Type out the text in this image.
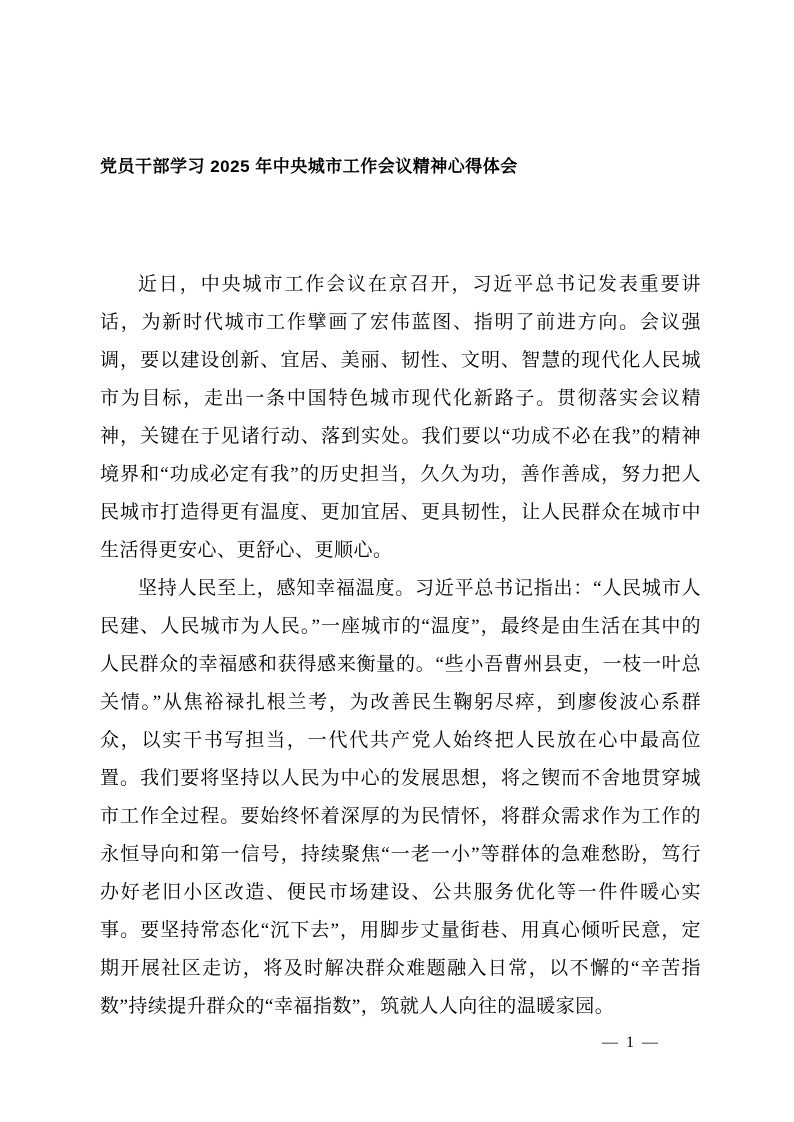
党员干部学习 2025 年中央城市工作会议精神心得体会

近日，中央城市工作会议在京召开，习近平总书记发表重要讲话，为新时代城市工作擘画了宏伟蓝图、指明了前进方向。会议强调，要以建设创新、宜居、美丽、韧性、文明、智慧的现代化人民城市为目标，走出一条中国特色城市现代化新路子。贯彻落实会议精神，关键在于见诸行动、落到实处。我们要以“功成不必在我”的精神境界和“功成必定有我”的历史担当，久久为功，善作善成，努力把人民城市打造得更有温度、更加宜居、更具韧性，让人民群众在城市中生活得更安心、更舒心、更顺心。

坚持人民至上，感知幸福温度。习近平总书记指出：“人民城市人民建、人民城市为人民。”一座城市的“温度”，最终是由生活在其中的人民群众的幸福感和获得感来衡量的。“些小吾曹州县吏，一枝一叶总关情。”从焦裕禄扎根兰考，为改善民生鞠躬尽瘁，到廖俊波心系群众，以实干书写担当，一代代共产党人始终把人民放在心中最高位置。我们要将坚持以人民为中心的发展思想，将之锲而不舍地贯穿城市工作全过程。要始终怀着深厚的为民情怀，将群众需求作为工作的永恒导向和第一信号，持续聚焦“一老一小”等群体的急难愁盼，笃行办好老旧小区改造、便民市场建设、公共服务优化等一件件暖心实事。要坚持常态化“沉下去”，用脚步丈量街巷、用真心倾听民意，定期开展社区走访，将及时解决群众难题融入日常，以不懈的“辛苦指数”持续提升群众的“幸福指数”，筑就人人向往的温暖家园。

— 1 —
